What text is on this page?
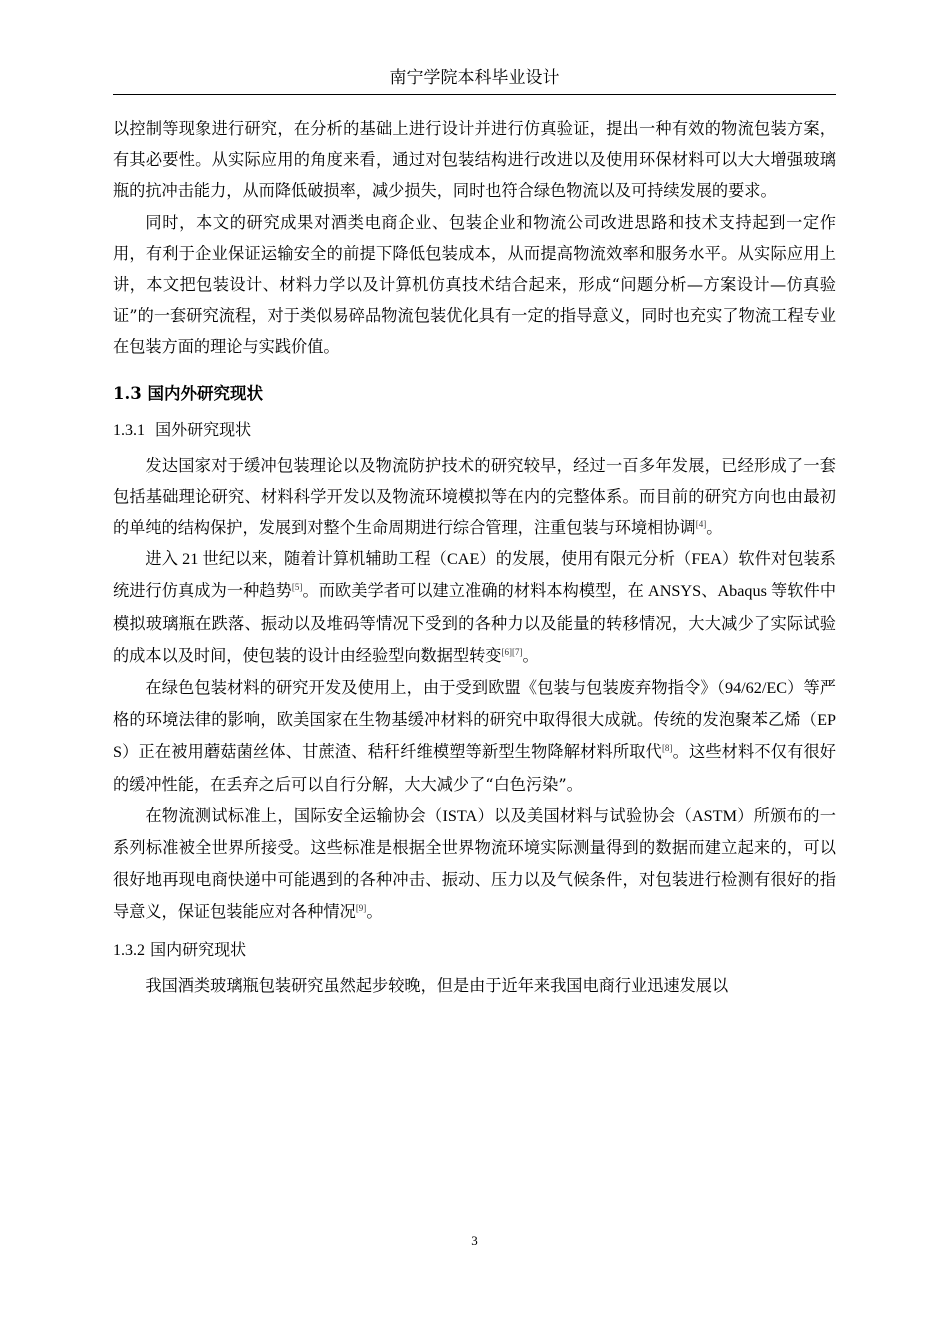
南宁学院本科毕业设计

以控制等现象进行研究，在分析的基础上进行设计并进行仿真验证，提出一种有效的物流包装方案，有其必要性。从实际应用的角度来看，通过对包装结构进行改进以及使用环保材料可以大大增强玻璃瓶的抗冲击能力，从而降低破损率，减少损失，同时也符合绿色物流以及可持续发展的要求。

同时，本文的研究成果对酒类电商企业、包装企业和物流公司改进思路和技术支持起到一定作用，有利于企业保证运输安全的前提下降低包装成本，从而提高物流效率和服务水平。从实际应用上讲，本文把包装设计、材料力学以及计算机仿真技术结合起来，形成“问题分析—方案设计—仿真验证”的一套研究流程，对于类似易碎品物流包装优化具有一定的指导意义，同时也充实了物流工程专业在包装方面的理论与实践价值。

1.3 国内外研究现状
1.3.1 国外研究现状

发达国家对于缓冲包装理论以及物流防护技术的研究较早，经过一百多年发展，已经形成了一套包括基础理论研究、材料科学开发以及物流环境模拟等在内的完整体系。而目前的研究方向也由最初的单纯的结构保护，发展到对整个生命周期进行综合管理，注重包装与环境相协调[4]。

进入 21 世纪以来，随着计算机辅助工程（CAE）的发展，使用有限元分析（FEA）软件对包装系统进行仿真成为一种趋势[5]。而欧美学者可以建立准确的材料本构模型，在 ANSYS、Abaqus 等软件中模拟玻璃瓶在跌落、振动以及堆码等情况下受到的各种力以及能量的转移情况，大大减少了实际试验的成本以及时间，使包装的设计由经验型向数据型转变[6][7]。

在绿色包装材料的研究开发及使用上，由于受到欧盟《包装与包装废弃物指令》（94/62/EC）等严格的环境法律的影响，欧美国家在生物基缓冲材料的研究中取得很大成就。传统的发泡聚苯乙烯（EPS）正在被用蘑菇菌丝体、甘蔗渣、秸秆纤维模塑等新型生物降解材料所取代[8]。这些材料不仅有很好的缓冲性能，在丢弃之后可以自行分解，大大减少了“白色污染”。

在物流测试标准上，国际安全运输协会（ISTA）以及美国材料与试验协会（ASTM）所颁布的一系列标准被全世界所接受。这些标准是根据全世界物流环境实际测量得到的数据而建立起来的，可以很好地再现电商快递中可能遇到的各种冲击、振动、压力以及气候条件，对包装进行检测有很好的指导意义，保证包装能应对各种情况[9]。

1.3.2 国内研究现状

我国酒类玻璃瓶包装研究虽然起步较晚，但是由于近年来我国电商行业迅速发展以

3
